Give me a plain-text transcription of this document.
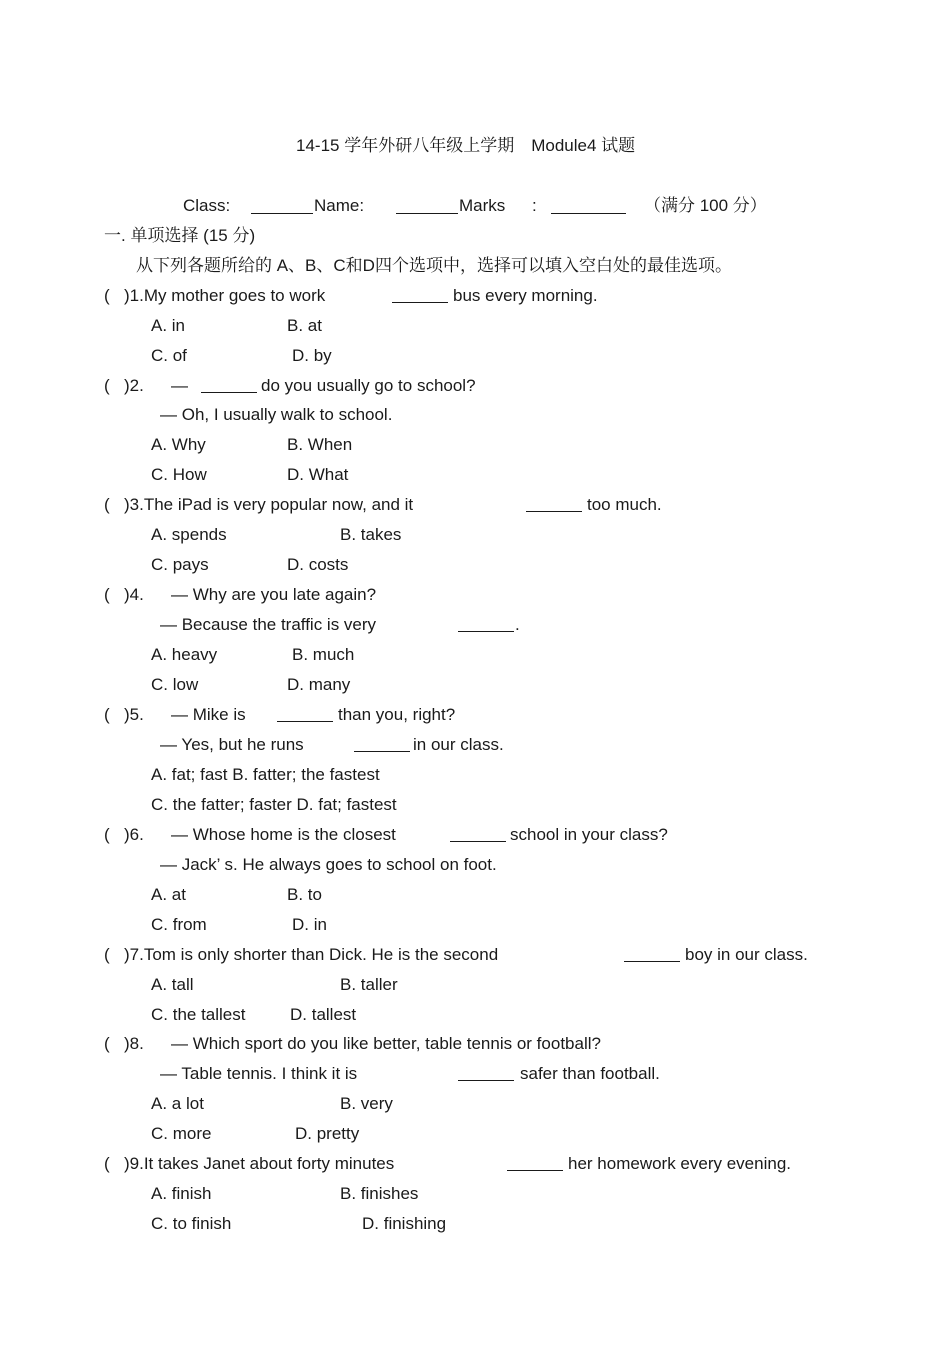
14-15 学年外研八年级上学期　Module4 试题
Class:	Name:	Marks :	（满分 100 分）
一. 单项选择 (15 分)
从下列各题所给的 A、B、C和D四个选项中，选择可以填入空白处的最佳选项。
( )1.My mother goes to work	bus every morning.
A. in	B. at
C. of	D. by
( )2. —	do you usually go to school?
— Oh, I usually walk to school.
A. Why	B. When
C. How	D. What
( )3.The iPad is very popular now, and it	too much.
A. spends	B. takes
C. pays	D. costs
( )4. — Why are you late again?
— Because the traffic is very	.
A. heavy	B. much
C. low	D. many
( )5. — Mike is	than you, right?
— Yes, but he runs	in our class.
A. fat; fast B. fatter; the fastest
C. the fatter; faster D. fat; fastest
( )6. — Whose home is the closest	school in your class?
— Jack’ s. He always goes to school on foot.
A. at	B. to
C. from	D. in
( )7.Tom is only shorter than Dick. He is the second	boy in our class.
A. tall	B. taller
C. the tallest	D. tallest
( )8. — Which sport do you like better, table tennis or football?
— Table tennis. I think it is	safer than football.
A. a lot	B. very
C. more	D. pretty
( )9.It takes Janet about forty minutes	her homework every evening.
A. finish	B. finishes
C. to finish	D. finishing
